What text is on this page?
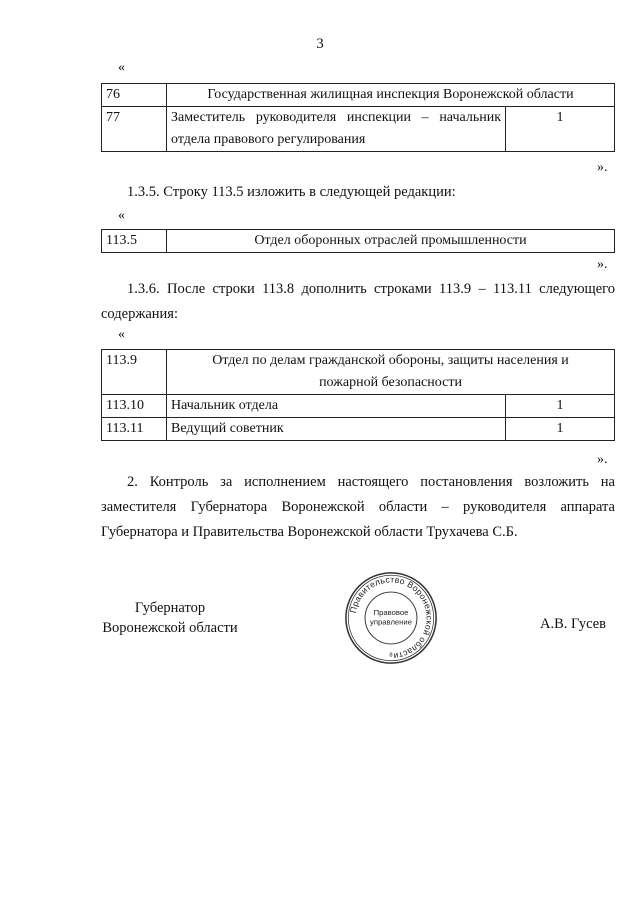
3
«
76	Государственная жилищная инспекция Воронежской области	
77	Заместитель руководителя инспекции – начальник
отдела правового регулирования	1
».
1.3.5. Строку 113.5 изложить в следующей редакции:
«
113.5	Отдел оборонных отраслей промышленности
».
1.3.6. После строки 113.8 дополнить строками 113.9 – 113.11 следующего
содержания:
«
113.9	Отдел по делам гражданской обороны, защиты населения и
пожарной безопасности	

113.10	Начальник отдела	1
113.11	Ведущий советник	1
».
2. Контроль за исполнением настоящего постановления возложить на заместителя Губернатора Воронежской области – руководителя аппарата Губернатора и Правительства Воронежской области Трухачева С.Б.
Губернатор
Воронежской области
Правительство Воронежской области
Правовое
управление
8
А.В. Гусев
